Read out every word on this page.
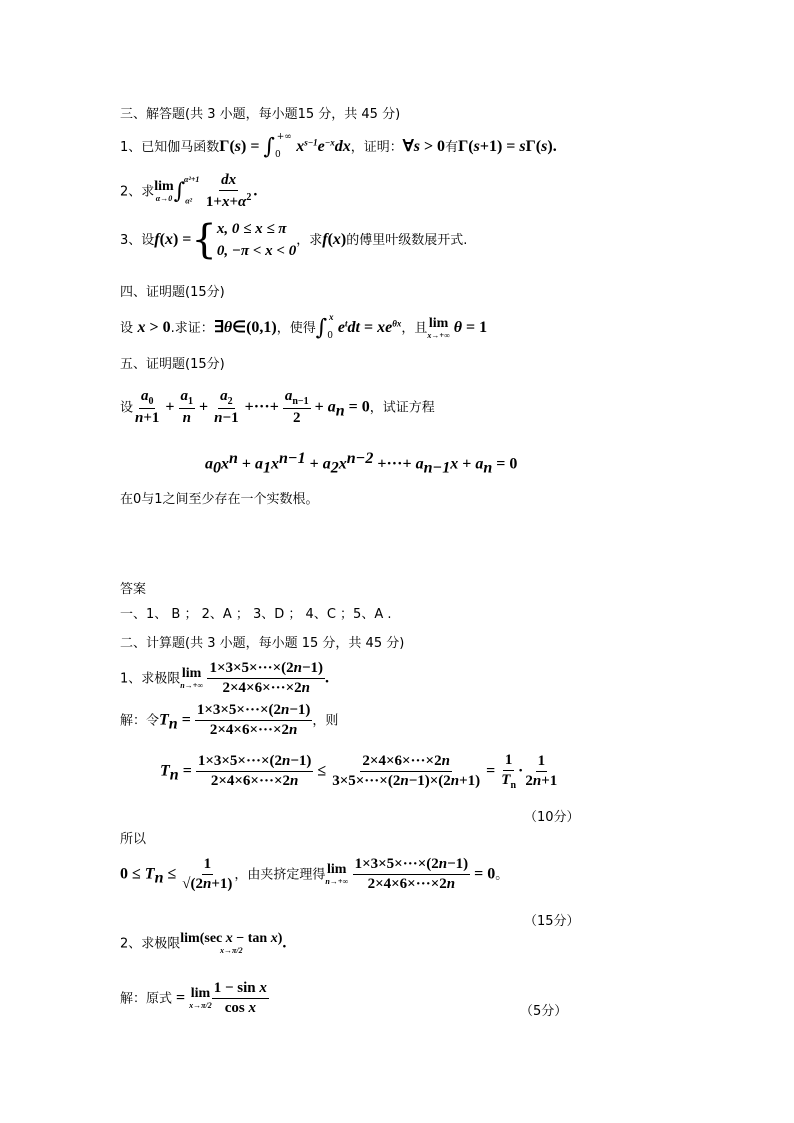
三、解答题(共 3 小题，每小题15 分，共 45 分)
1、已知伽马函数$\Gamma(s) = \int_0^{+\infty}$ $x^{s-1}e^{-x}dx$，证明：∀s > 0有Γ(s+1) = sΓ(s).
2、求 lim
α→0 $\int_{\alpha^2}^{\alpha^2+1} \frac{dx}{1+x+\alpha^2}$ .
3、设f(x) ={ x, 0 ≤ x ≤ π
0, −π < x < 0
，求f(x)的傅里叶级数展开式.
四、证明题(15分)
设 x > 0.求证：∃θ∈(0,1)，使得$\int_0^x$ $e^tdt = xe^{\theta x}$，且 lim
x→+∞ θ = 1
五、证明题(15分)
设 $\frac{a_0}{n+1} + \frac{a_1}{n} + \frac{a_2}{n-1}$ +···+ $\frac{a_{n-1}}{2} + a_n = 0$，试证方程
$a_0x^n + a_1x^{n-1} + a_2x^{n-2}$ +···+ $a_{n-1}x + a_n = 0$
在0与1之间至少存在一个实数根。
答案
一、1、 B ； 2、A ； 3、D ； 4、C ；5、A .
二、计算题(共 3 小题，每小题 15 分，共 45 分)
1、求极限 lim
n→+∞
$\frac{1\times 3\times 5\times\cdot\cdot\cdot\times(2n-1)}{2\times 4\times 6\times\cdot\cdot\cdot\times 2n}$ .
解：令$T_n = \frac{1\times 3\times 5\times\cdot\cdot\cdot\times(2n-1)}{2\times 4\times 6\times\cdot\cdot\cdot\times 2n}$ ，则
$T_n = \frac{1\times 3\times 5\times\cdot\cdot\cdot\times(2n-1)}{2\times 4\times 6\times\cdot\cdot\cdot\times 2n} \le \frac{2\times 4\times 6\times\cdot\cdot\cdot\times 2n}{3\times 5\times\cdot\cdot\cdot\times(2n-1)\times(2n+1)} = \frac{1}{T_n} \cdot \frac{1}{2n+1}$
（10分）
所以
$0 \le T_n \le \frac{1}{√(2n+1)}$ ，由夹挤定理得 lim
n→+∞
$\frac{1\times 3\times 5\times\cdot\cdot\cdot\times(2n-1)}{2\times 4\times 6\times\cdot\cdot\cdot\times 2n} = 0$。
（15分）
2、求极限 lim(sec x − tan x)
x→π/2 .
解：原式 = lim
$x\to\pi/2 \frac{\text{1 − sin x}}{\text{cos x}}$	（5分）
